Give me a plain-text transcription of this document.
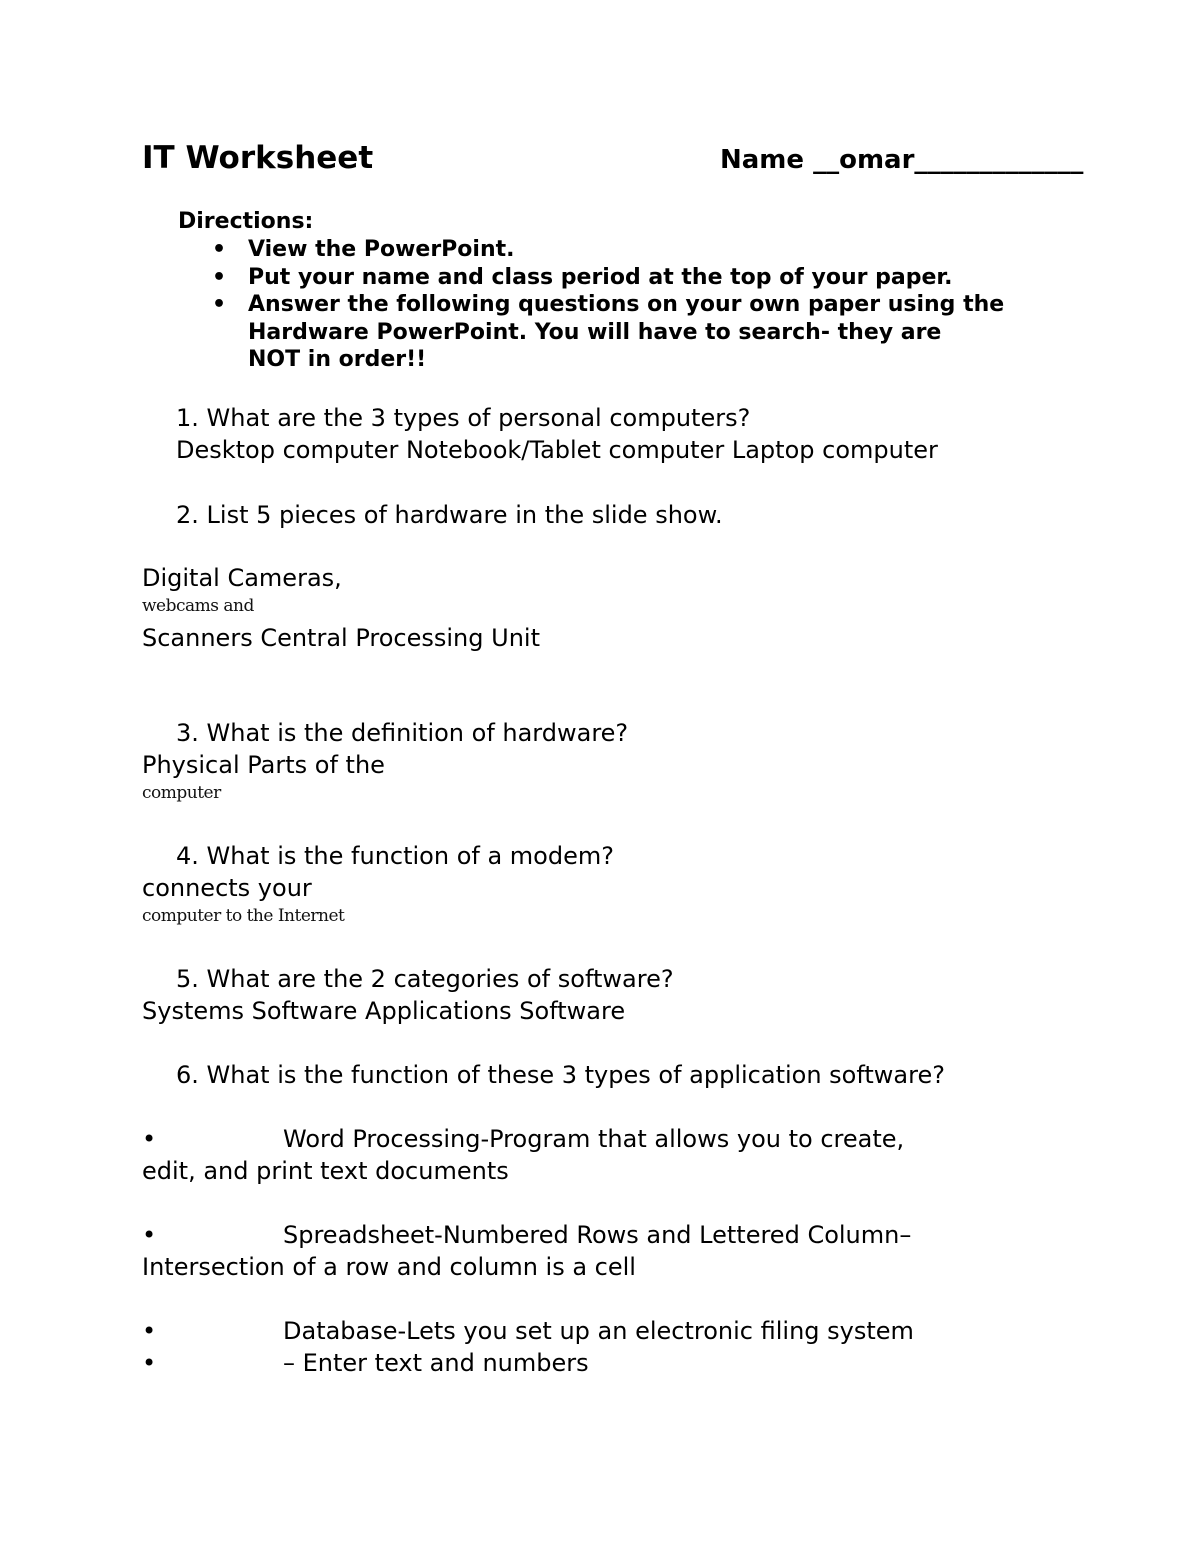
IT Worksheet	Name __omar_____________
Directions:
• View the PowerPoint.
• Put your name and class period at the top of your paper.
• Answer the following questions on your own paper using the
Hardware PowerPoint. You will have to search- they are
NOT in order!!
1. What are the 3 types of personal computers?
Desktop computer Notebook/Tablet computer Laptop computer
2. List 5 pieces of hardware in the slide show.
Digital Cameras,
webcams and
Scanners Central Processing Unit
3. What is the definition of hardware?
Physical Parts of the
computer
4. What is the function of a modem?
connects your
computer to the Internet
5. What are the 2 categories of software?
Systems Software Applications Software
6. What is the function of these 3 types of application software?
•	Word Processing-Program that allows you to create,
edit, and print text documents
•	Spreadsheet-Numbered Rows and Lettered Column–
Intersection of a row and column is a cell
•	Database-Lets you set up an electronic filing system
•	– Enter text and numbers
